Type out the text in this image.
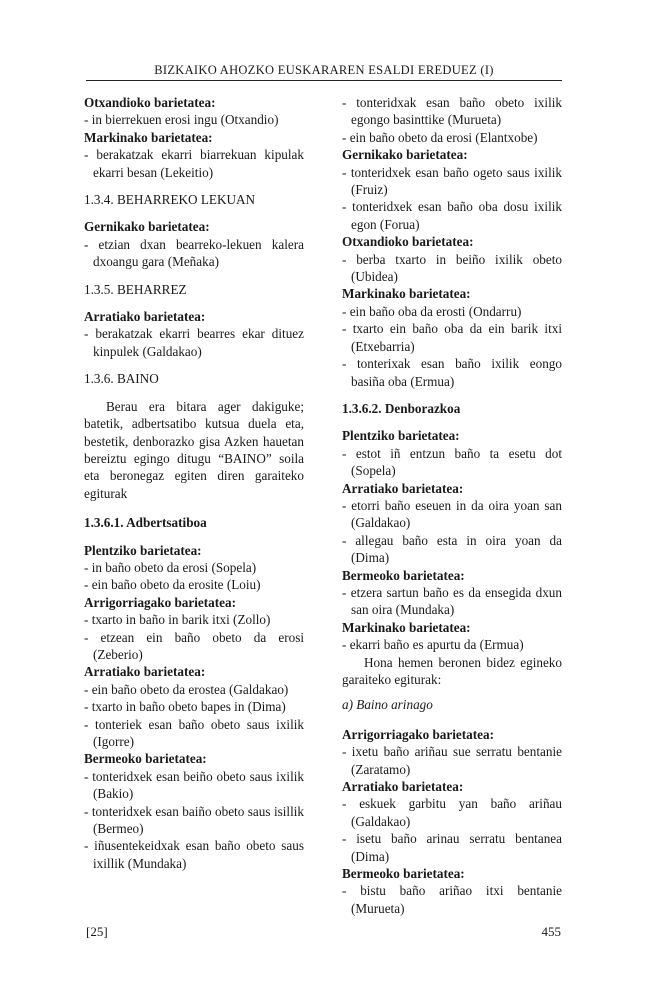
BIZKAIKO AHOZKO EUSKARAREN ESALDI EREDUEZ (I)
Otxandioko barietatea:
- in bierrekuen erosi ingu (Otxandio)
Markinako barietatea:
- berakatzak ekarri biarrekuan kipulak ekarri besan (Lekeitio)
1.3.4. BEHARREKO LEKUAN
Gernikako barietatea:
- etzian dxan bearreko-lekuen kalera dxoangu gara (Meñaka)
1.3.5. BEHARREZ
Arratiako barietatea:
- berakatzak ekarri bearres ekar dituez kinpulek (Galdakao)
1.3.6. BAINO
Berau era bitara ager dakiguke; batetik, adbertsatibo kutsua duela eta, bestetik, denborazko gisa Azken hauetan bereiztu egingo ditugu “BAINO” soila eta beronegaz egiten diren garaiteko egiturak
1.3.6.1. Adbertsatiboa
Plentziko barietatea:
- in baño obeto da erosi (Sopela)
- ein baño obeto da erosite (Loiu)
Arrigorriagako barietatea:
- txarto in baño in barik itxi (Zollo)
- etzean ein baño obeto da erosi (Zeberio)
Arratiako barietatea:
- ein baño obeto da erostea (Galdakao)
- txarto in baño obeto bapes in (Dima)
- tonteriek esan baño obeto saus ixilik (Igorre)
Bermeoko barietatea:
- tonteridxek esan beiño obeto saus ixilik (Bakio)
- tonteridxek esan baiño obeto saus isillik (Bermeo)
- iñusentekeidxak esan baño obeto saus ixillik (Mundaka)
- tonteridxak esan baño obeto ixilik egongo basinttike (Murueta)
- ein baño obeto da erosi (Elantxobe)
Gernikako barietatea:
- tonteridxek esan baño ogeto saus ixilik (Fruiz)
- tonteridxek esan baño oba dosu ixilik egon (Forua)
Otxandioko barietatea:
- berba txarto in beiño ixilik obeto (Ubidea)
Markinako barietatea:
- ein baño oba da erosti (Ondarru)
- txarto ein baño oba da ein barik itxi (Etxebarria)
- tonterixak esan baño ixilik eongo basiña oba (Ermua)
1.3.6.2. Denborazkoa
Plentziko barietatea:
- estot iñ entzun baño ta esetu dot (Sopela)
Arratiako barietatea:
- etorri baño eseuen in da oira yoan san (Galdakao)
- allegau baño esta in oira yoan da (Dima)
Bermeoko barietatea:
- etzera sartun baño es da ensegida dxun san oira (Mundaka)
Markinako barietatea:
- ekarri baño es apurtu da (Ermua)
Hona hemen beronen bidez egineko garaiteko egiturak:
a) Baino arinago
Arrigorriagako barietatea:
- ixetu baño ariñau sue serratu bentanie (Zaratamo)
Arratiako barietatea:
- eskuek garbitu yan baño ariñau (Galdakao)
- isetu baño arinau serratu bentanea (Dima)
Bermeoko barietatea:
- bistu baño ariñao itxi bentanie (Murueta)
[25]	455
